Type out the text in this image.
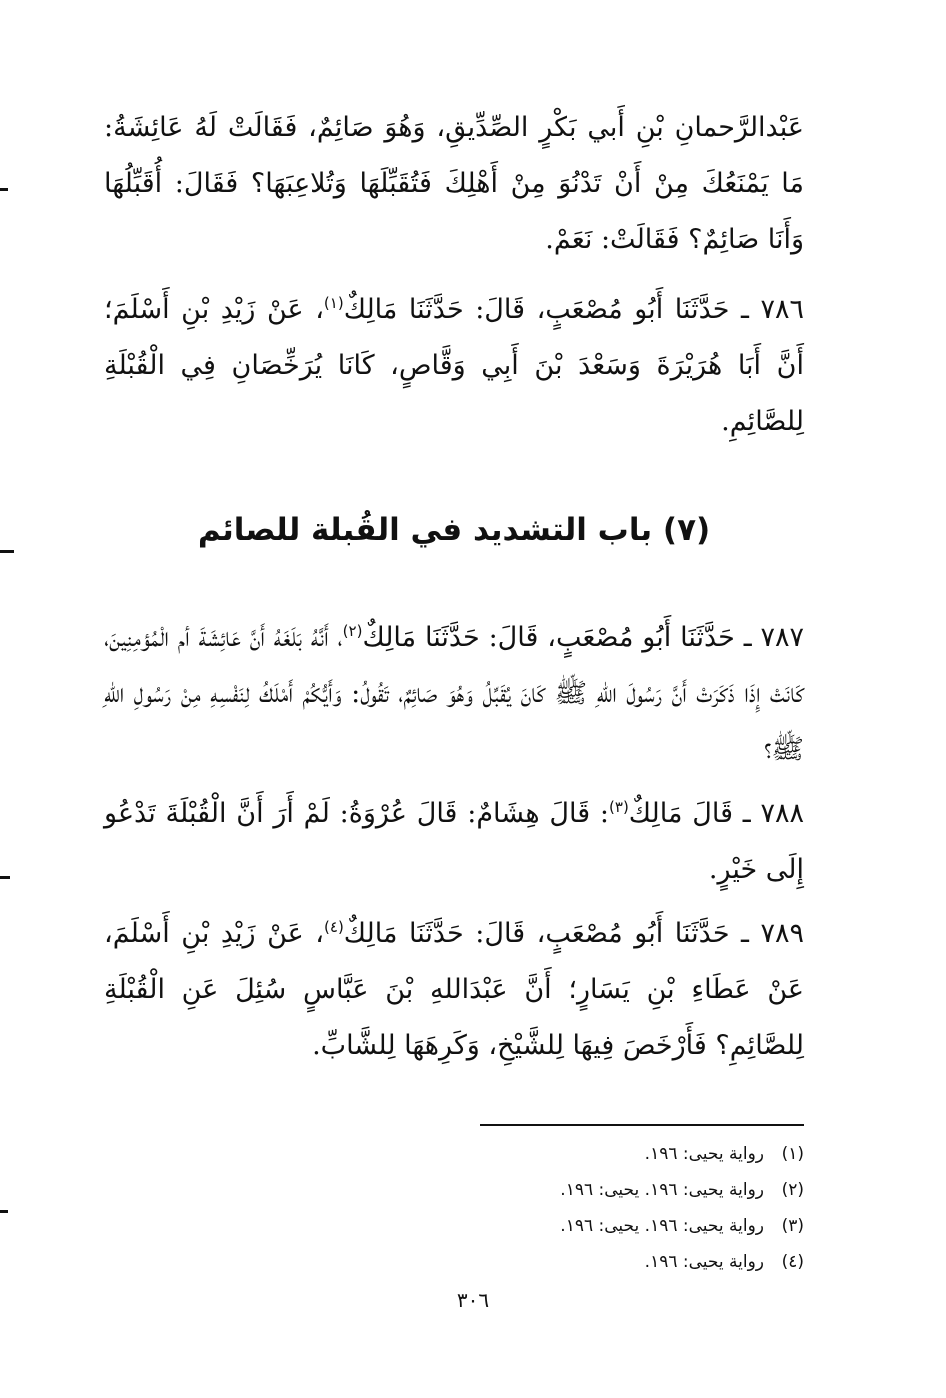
عَبْدالرَّحمانِ بْنِ أَبي بَكْرٍ الصِّدِّيقِ، وَهُوَ صَائِمٌ، فَقَالَتْ لَهُ عَائِشَةُ: مَا يَمْنَعُكَ مِنْ أَنْ تَدْنُوَ مِنْ أَهْلِكَ فَتُقَبِّلَهَا وَتُلاعِبَهَا؟ فَقَالَ: أُقَبِّلُهَا وَأَنَا صَائِمٌ؟ فَقَالَتْ: نَعَمْ.

٧٨٦ ـ حَدَّثَنَا أَبُو مُصْعَبٍ، قَالَ: حَدَّثَنَا مَالِكٌ$^{(١)}$، عَنْ زَيْدِ بْنِ أَسْلَمَ؛ أَنَّ أَبَا هُرَيْرَةَ وَسَعْدَ بْنَ أَبِي وَقَّاصٍ، كَانَا يُرَخِّصَانِ فِي الْقُبْلَةِ لِلصَّائِمِ.

(٧) باب التشديد في القُبلة للصائم

٧٨٧ ـ حَدَّثَنَا أَبُو مُصْعَبٍ، قَالَ: حَدَّثَنَا مَالِكٌ$^{(٢)}$، أَنَّهُ بَلَغَهُ أَنَّ عَائِشَةَ أم الْمُؤمِنِينَ، كَانَتْ إِذَا ذَكَرَتْ أَنَّ رَسُولَ اللهِ ﷺ كَانَ يُقَبِّلُ وَهُوَ صَائِمٌ، تَقُولُ: وَأَيُّكُمْ أَمْلَكُ لِنَفْسِهِ مِنْ رَسُولِ اللهِ ﷺ؟

٧٨٨ ـ قَالَ مَالِكٌ$^{(٣)}$: قَالَ هِشَامٌ: قَالَ عُرْوَةُ: لَمْ أَرَ أَنَّ الْقُبْلَةَ تَدْعُو إِلَى خَيْرٍ.

٧٨٩ ـ حَدَّثَنَا أَبُو مُصْعَبٍ، قَالَ: حَدَّثَنَا مَالِكٌ$^{(٤)}$، عَنْ زَيْدِ بْنِ أَسْلَمَ، عَنْ عَطَاءِ بْنِ يَسَارٍ؛ أَنَّ عَبْدَاللهِ بْنَ عَبَّاسٍ سُئِلَ عَنِ الْقُبْلَةِ لِلصَّائِمِ؟ فَأَرْخَصَ فِيهَا لِلشَّيْخِ، وَكَرِهَهَا لِلشَّابِّ.

(١)رواية يحيى: ١٩٦.
(٢)رواية يحيى: ١٩٦. يحيى: ١٩٦.
(٣)رواية يحيى: ١٩٦. يحيى: ١٩٦.
(٤)رواية يحيى: ١٩٦.
٣٠٦
